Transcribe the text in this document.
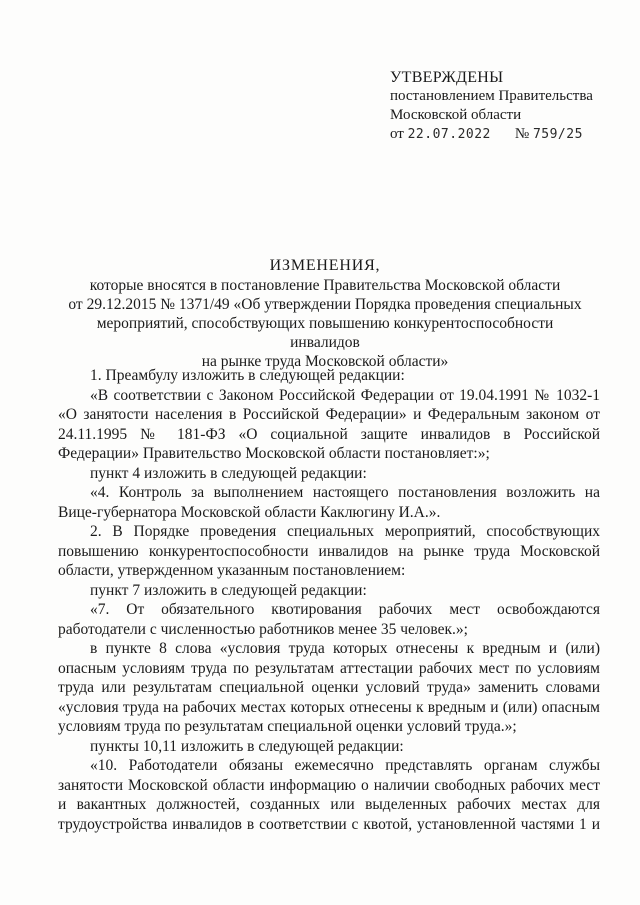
УТВЕРЖДЕНЫ
постановлением Правительства
Московской области
от 22.07.2022 № 759/25
ИЗМЕНЕНИЯ,
которые вносятся в постановление Правительства Московской области
от 29.12.2015 № 1371/49 «Об утверждении Порядка проведения специальных
мероприятий, способствующих повышению конкурентоспособности инвалидов
на рынке труда Московской области»

1. Преамбулу изложить в следующей редакции:

«В соответствии с Законом Российской Федерации от 19.04.1991 № 1032-1 «О занятости населения в Российской Федерации» и Федеральным законом от 24.11.1995 № 181-ФЗ «О социальной защите инвалидов в Российской Федерации» Правительство Московской области постановляет:»;

пункт 4 изложить в следующей редакции:

«4. Контроль за выполнением настоящего постановления возложить на Вице-губернатора Московской области Каклюгину И.А.».

2. В Порядке проведения специальных мероприятий, способствующих повышению конкурентоспособности инвалидов на рынке труда Московской области, утвержденном указанным постановлением:

пункт 7 изложить в следующей редакции:

«7. От обязательного квотирования рабочих мест освобождаются работодатели с численностью работников менее 35 человек.»;

в пункте 8 слова «условия труда которых отнесены к вредным и (или) опасным условиям труда по результатам аттестации рабочих мест по условиям труда или результатам специальной оценки условий труда» заменить словами «условия труда на рабочих местах которых отнесены к вредным и (или) опасным условиям труда по результатам специальной оценки условий труда.»;

пункты 10,11 изложить в следующей редакции:

«10. Работодатели обязаны ежемесячно представлять органам службы занятости Московской области информацию о наличии свободных рабочих мест и вакантных должностей, созданных или выделенных рабочих местах для трудоустройства инвалидов в соответствии с квотой, установленной частями 1 и
